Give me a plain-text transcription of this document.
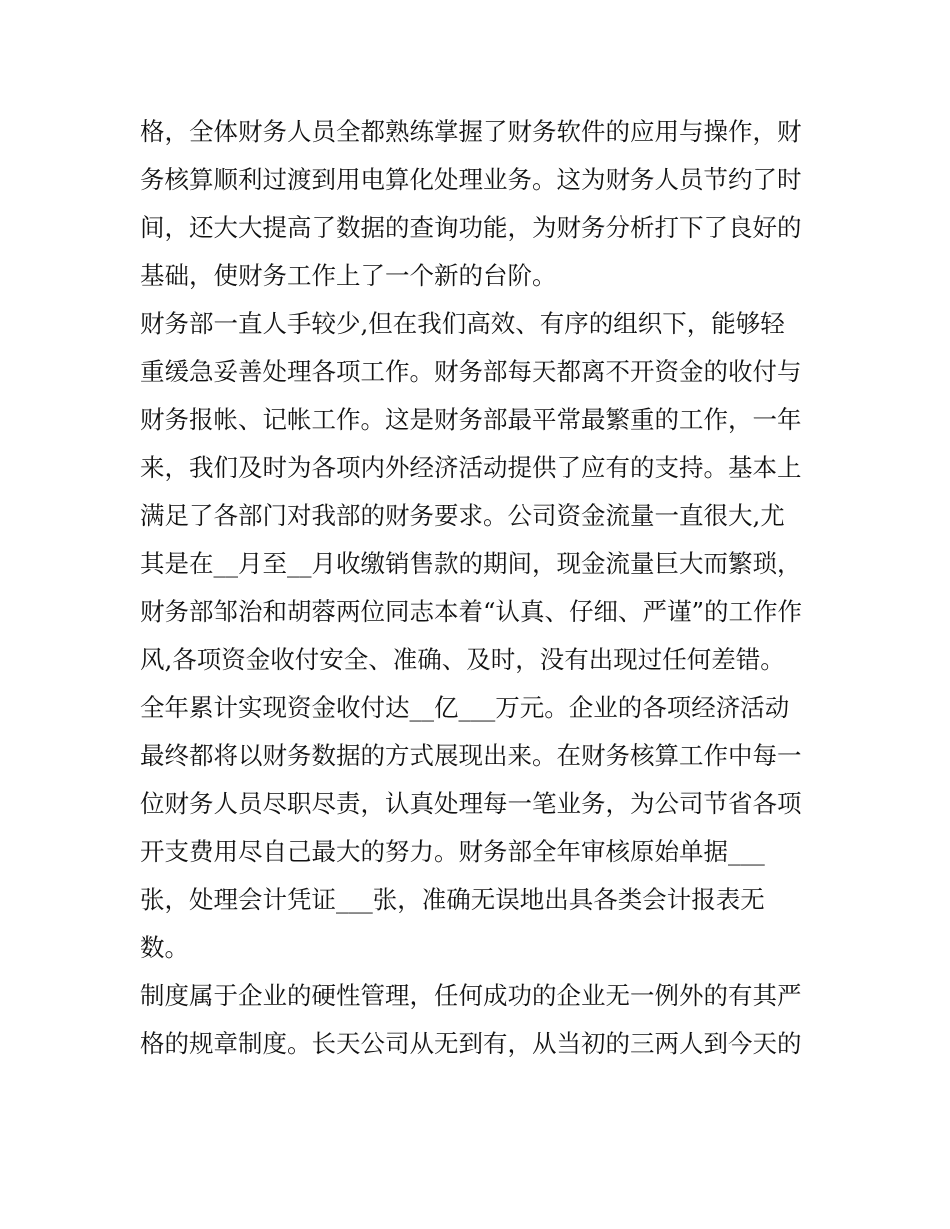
格，全体财务人员全都熟练掌握了财务软件的应用与操作，财
务核算顺利过渡到用电算化处理业务。这为财务人员节约了时
间，还大大提高了数据的查询功能，为财务分析打下了良好的
基础，使财务工作上了一个新的台阶。
财务部一直人手较少,但在我们高效、有序的组织下，能够轻
重缓急妥善处理各项工作。财务部每天都离不开资金的收付与
财务报帐、记帐工作。这是财务部最平常最繁重的工作，一年
来，我们及时为各项内外经济活动提供了应有的支持。基本上
满足了各部门对我部的财务要求。公司资金流量一直很大,尤
其是在__月至__月收缴销售款的期间，现金流量巨大而繁琐，
财务部邹治和胡蓉两位同志本着“认真、仔细、严谨”的工作作
风,各项资金收付安全、准确、及时，没有出现过任何差错。
全年累计实现资金收付达__亿___万元。企业的各项经济活动
最终都将以财务数据的方式展现出来。在财务核算工作中每一
位财务人员尽职尽责，认真处理每一笔业务，为公司节省各项
开支费用尽自己最大的努力。财务部全年审核原始单据___
张，处理会计凭证___张，准确无误地出具各类会计报表无
数。
制度属于企业的硬性管理，任何成功的企业无一例外的有其严
格的规章制度。长天公司从无到有，从当初的三两人到今天的
